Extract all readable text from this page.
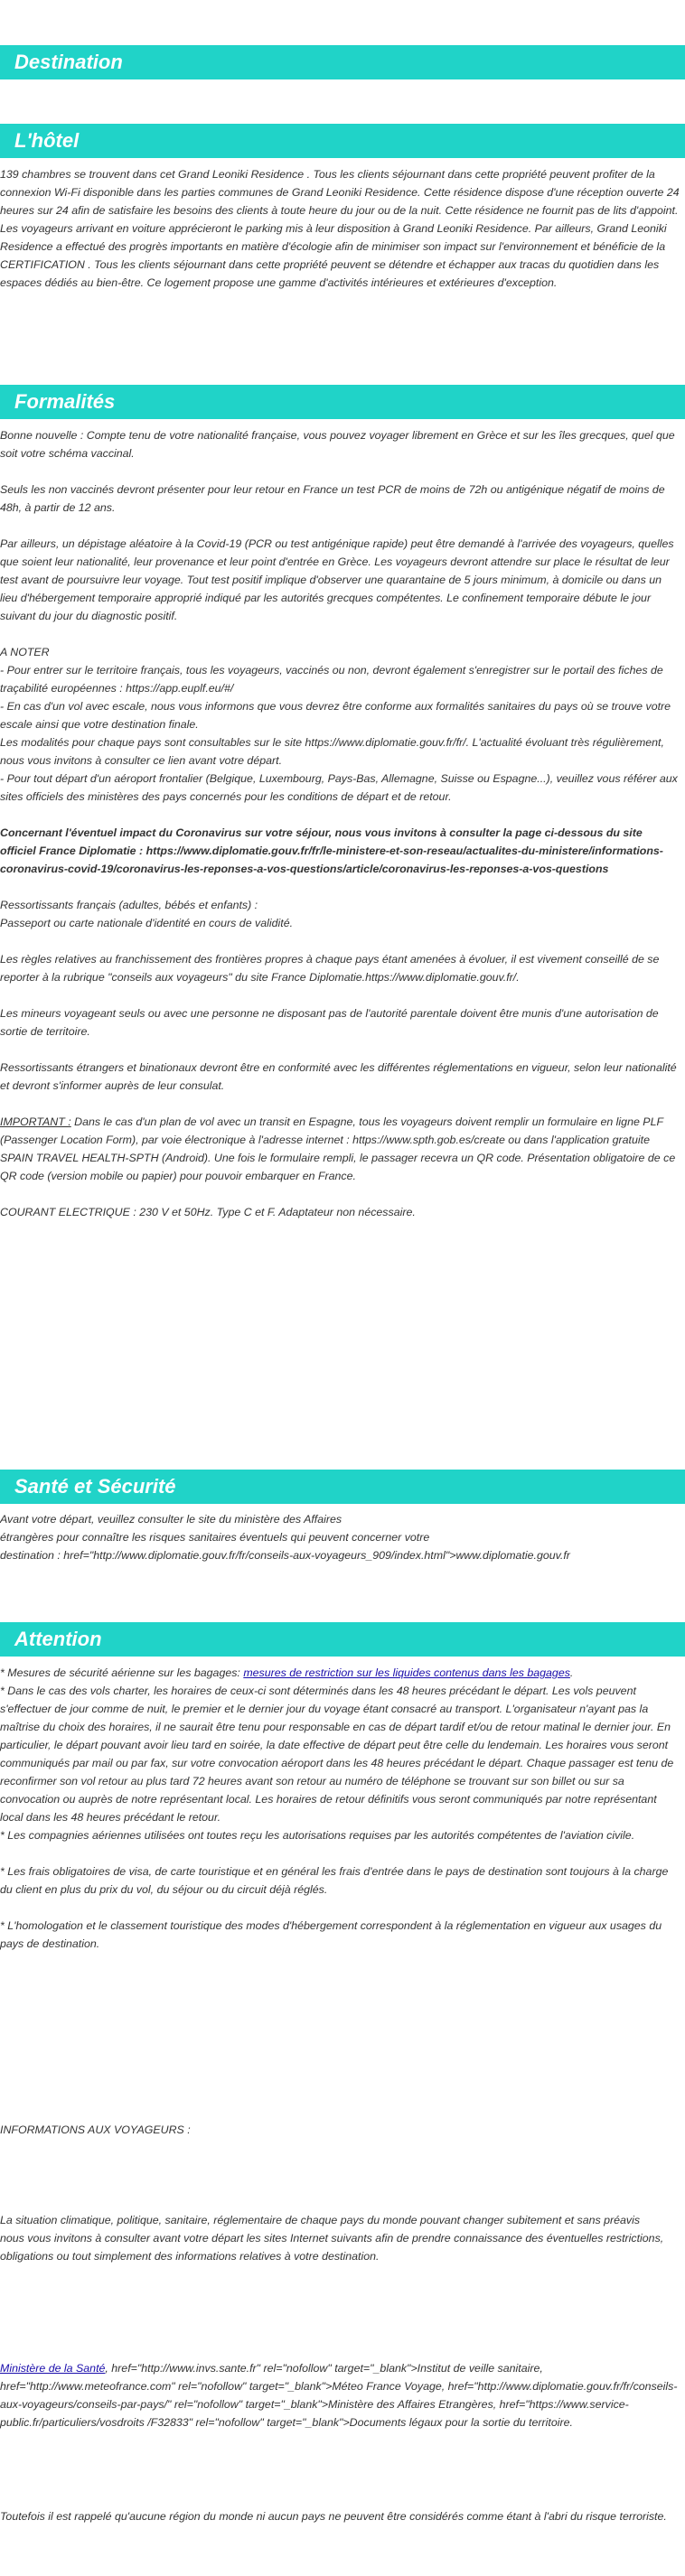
Destination
L'hôtel

139 chambres se trouvent dans cet Grand Leoniki Residence . Tous les clients séjournant dans cette propriété peuvent profiter de la connexion Wi-Fi disponible dans les parties communes de Grand Leoniki Residence. Cette résidence dispose d'une réception ouverte 24 heures sur 24 afin de satisfaire les besoins des clients à toute heure du jour ou de la nuit. Cette résidence ne fournit pas de lits d'appoint. Les voyageurs arrivant en voiture apprécieront le parking mis à leur disposition à Grand Leoniki Residence. Par ailleurs, Grand Leoniki Residence a effectué des progrès importants en matière d'écologie afin de minimiser son impact sur l'environnement et bénéficie de la CERTIFICATION . Tous les clients séjournant dans cette propriété peuvent se détendre et échapper aux tracas du quotidien dans les espaces dédiés au bien-être. Ce logement propose une gamme d'activités intérieures et extérieures d'exception.

Formalités

Bonne nouvelle : Compte tenu de votre nationalité française, vous pouvez voyager librement en Grèce et sur les îles grecques, quel que soit votre schéma vaccinal.

Seuls les non vaccinés devront présenter pour leur retour en France un test PCR de moins de 72h ou antigénique négatif de moins de 48h, à partir de 12 ans.

Par ailleurs, un dépistage aléatoire à la Covid-19 (PCR ou test antigénique rapide) peut être demandé à l'arrivée des voyageurs, quelles que soient leur nationalité, leur provenance et leur point d'entrée en Grèce. Les voyageurs devront attendre sur place le résultat de leur test avant de poursuivre leur voyage. Tout test positif implique d'observer une quarantaine de 5 jours minimum, à domicile ou dans un lieu d'hébergement temporaire approprié indiqué par les autorités grecques compétentes. Le confinement temporaire débute le jour suivant du jour du diagnostic positif.

A NOTER

- Pour entrer sur le territoire français, tous les voyageurs, vaccinés ou non, devront également s'enregistrer sur le portail des fiches de traçabilité européennes : https://app.euplf.eu/#/

- En cas d'un vol avec escale, nous vous informons que vous devrez être conforme aux formalités sanitaires du pays où se trouve votre escale ainsi que votre destination finale.

Les modalités pour chaque pays sont consultables sur le site https://www.diplomatie.gouv.fr/fr/. L'actualité évoluant très régulièrement, nous vous invitons à consulter ce lien avant votre départ.

- Pour tout départ d'un aéroport frontalier (Belgique, Luxembourg, Pays-Bas, Allemagne, Suisse ou Espagne...), veuillez vous référer aux sites officiels des ministères des pays concernés pour les conditions de départ et de retour.

Concernant l'éventuel impact du Coronavirus sur votre séjour, nous vous invitons à consulter la page ci-dessous du site officiel France Diplomatie : https://www.diplomatie.gouv.fr/fr/le-ministere-et-son-reseau/actualites-du-ministere/informations-coronavirus-covid-19/coronavirus-les-reponses-a-vos-questions/article/coronavirus-les-reponses-a-vos-questions

Ressortissants français (adultes, bébés et enfants) :

Passeport ou carte nationale d'identité en cours de validité.

Les règles relatives au franchissement des frontières propres à chaque pays étant amenées à évoluer, il est vivement conseillé de se reporter à la rubrique "conseils aux voyageurs" du site France Diplomatie.https://www.diplomatie.gouv.fr/.

Les mineurs voyageant seuls ou avec une personne ne disposant pas de l'autorité parentale doivent être munis d'une autorisation de sortie de territoire.

Ressortissants étrangers et binationaux devront être en conformité avec les différentes réglementations en vigueur, selon leur nationalité et devront s'informer auprès de leur consulat.

IMPORTANT : Dans le cas d'un plan de vol avec un transit en Espagne, tous les voyageurs doivent remplir un formulaire en ligne PLF (Passenger Location Form), par voie électronique à l'adresse internet : https://www.spth.gob.es/create ou dans l'application gratuite SPAIN TRAVEL HEALTH-SPTH (Android). Une fois le formulaire rempli, le passager recevra un QR code. Présentation obligatoire de ce QR code (version mobile ou papier) pour pouvoir embarquer en France.

COURANT ELECTRIQUE : 230 V et 50Hz. Type C et F. Adaptateur non nécessaire.

Santé et Sécurité

Avant votre départ, veuillez consulter le site du ministère des Affaires

étrangères pour connaître les risques sanitaires éventuels qui peuvent concerner votre

destination : href="http://www.diplomatie.gouv.fr/fr/conseils-aux-voyageurs_909/index.html">www.diplomatie.gouv.fr

Attention

* Mesures de sécurité aérienne sur les bagages: mesures de restriction sur les liquides contenus dans les bagages.

* Dans le cas des vols charter, les horaires de ceux-ci sont déterminés dans les 48 heures précédant le départ. Les vols peuvent s'effectuer de jour comme de nuit, le premier et le dernier jour du voyage étant consacré au transport. L'organisateur n'ayant pas la maîtrise du choix des horaires, il ne saurait être tenu pour responsable en cas de départ tardif et/ou de retour matinal le dernier jour. En particulier, le départ pouvant avoir lieu tard en soirée, la date effective de départ peut être celle du lendemain. Les horaires vous seront communiqués par mail ou par fax, sur votre convocation aéroport dans les 48 heures précédant le départ. Chaque passager est tenu de reconfirmer son vol retour au plus tard 72 heures avant son retour au numéro de téléphone se trouvant sur son billet ou sur sa convocation ou auprès de notre représentant local. Les horaires de retour définitifs vous seront communiqués par notre représentant local dans les 48 heures précédant le retour.

* Les compagnies aériennes utilisées ont toutes reçu les autorisations requises par les autorités compétentes de l'aviation civile.

* Les frais obligatoires de visa, de carte touristique et en général les frais d'entrée dans le pays de destination sont toujours à la charge du client en plus du prix du vol, du séjour ou du circuit déjà réglés.

* L'homologation et le classement touristique des modes d'hébergement correspondent à la réglementation en vigueur aux usages du pays de destination.

INFORMATIONS AUX VOYAGEURS :

La situation climatique, politique, sanitaire, réglementaire de chaque pays du monde pouvant changer subitement et sans préavis

nous vous invitons à consulter avant votre départ les sites Internet suivants afin de prendre connaissance des éventuelles restrictions, obligations ou tout simplement des informations relatives à votre destination.

Ministère de la Santé, href="http://www.invs.sante.fr" rel="nofollow" target="_blank">Institut de veille sanitaire, href="http://www.meteofrance.com" rel="nofollow" target="_blank">Méteo France Voyage, href="http://www.diplomatie.gouv.fr/fr/conseils-aux-voyageurs/conseils-par-pays/" rel="nofollow" target="_blank">Ministère des Affaires Etrangères, href="https://www.service-public.fr/particuliers/vosdroits /F32833" rel="nofollow" target="_blank">Documents légaux pour la sortie du territoire.

Toutefois il est rappelé qu'aucune région du monde ni aucun pays ne peuvent être considérés comme étant à l'abri du risque terroriste.
